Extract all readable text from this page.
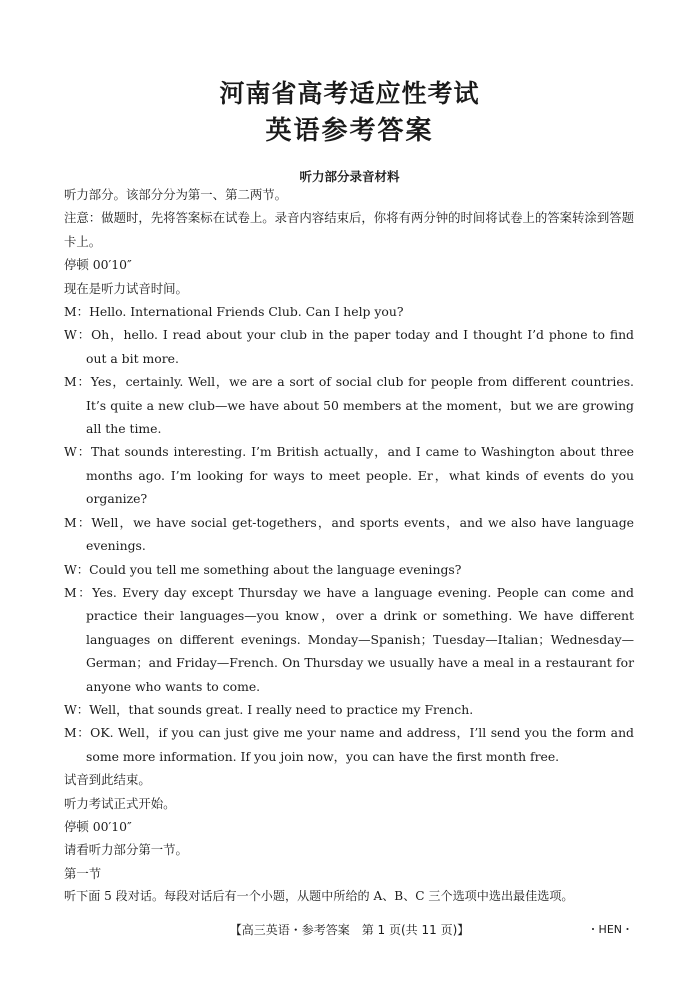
河南省高考适应性考试
英语参考答案
听力部分录音材料

听力部分。该部分分为第一、第二两节。

注意：做题时，先将答案标在试卷上。录音内容结束后，你将有两分钟的时间将试卷上的答案转涂到答题卡上。

停顿 00′10″

现在是听力试音时间。

M：Hello. International Friends Club. Can I help you?

W：Oh，hello. I read about your club in the paper today and I thought I’d phone to find out a bit more.

M：Yes，certainly. Well，we are a sort of social club for people from different countries. It’s quite a new club—we have about 50 members at the moment，but we are growing all the time.

W：That sounds interesting. I’m British actually，and I came to Washington about three months ago. I’m looking for ways to meet people. Er，what kinds of events do you organize?

M：Well，we have social get-togethers，and sports events，and we also have language evenings.

W：Could you tell me something about the language evenings?

M：Yes. Every day except Thursday we have a language evening. People can come and practice their languages—you know，over a drink or something. We have different languages on different evenings. Monday—Spanish；Tuesday—Italian；Wednesday—German；and Friday—French. On Thursday we usually have a meal in a restaurant for anyone who wants to come.

W：Well，that sounds great. I really need to practice my French.

M：OK. Well，if you can just give me your name and address，I’ll send you the form and some more information. If you join now，you can have the first month free.

试音到此结束。

听力考试正式开始。

停顿 00′10″

请看听力部分第一节。

第一节

听下面 5 段对话。每段对话后有一个小题，从题中所给的 A、B、C 三个选项中选出最佳选项。

【高三英语・参考答案　第 1 页(共 11 页)】	・HEN・
